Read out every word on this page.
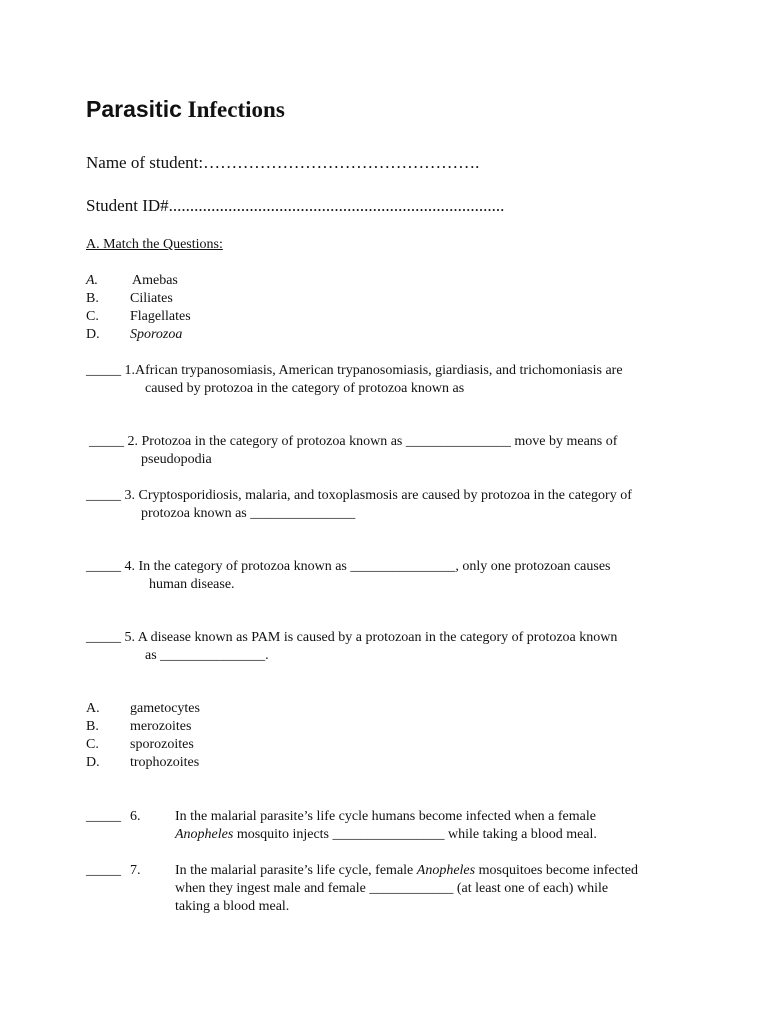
Parasitic Infections
Name of student:………………………………………….
Student ID#...............................................................................
A. Match the Questions:
A. Amebas
B. Ciliates
C. Flagellates
D. Sporozoa
_____ 1.African trypanosomiasis, American trypanosomiasis, giardiasis, and trichomoniasis are
caused by protozoa in the category of protozoa known as
_____ 2. Protozoa in the category of protozoa known as _______________ move by means of
pseudopodia
_____ 3. Cryptosporidiosis, malaria, and toxoplasmosis are caused by protozoa in the category of
protozoa known as _______________
_____ 4. In the category of protozoa known as _______________, only one protozoan causes
human disease.
_____ 5. A disease known as PAM is caused by a protozoan in the category of protozoa known
as _______________.
A. gametocytes
B. merozoites
C. sporozoites
D. trophozoites
_____ 6. In the malarial parasite’s life cycle humans become infected when a female
Anopheles mosquito injects ________________ while taking a blood meal.
_____ 7. In the malarial parasite’s life cycle, female Anopheles mosquitoes become infected
when they ingest male and female ____________ (at least one of each) while
taking a blood meal.
